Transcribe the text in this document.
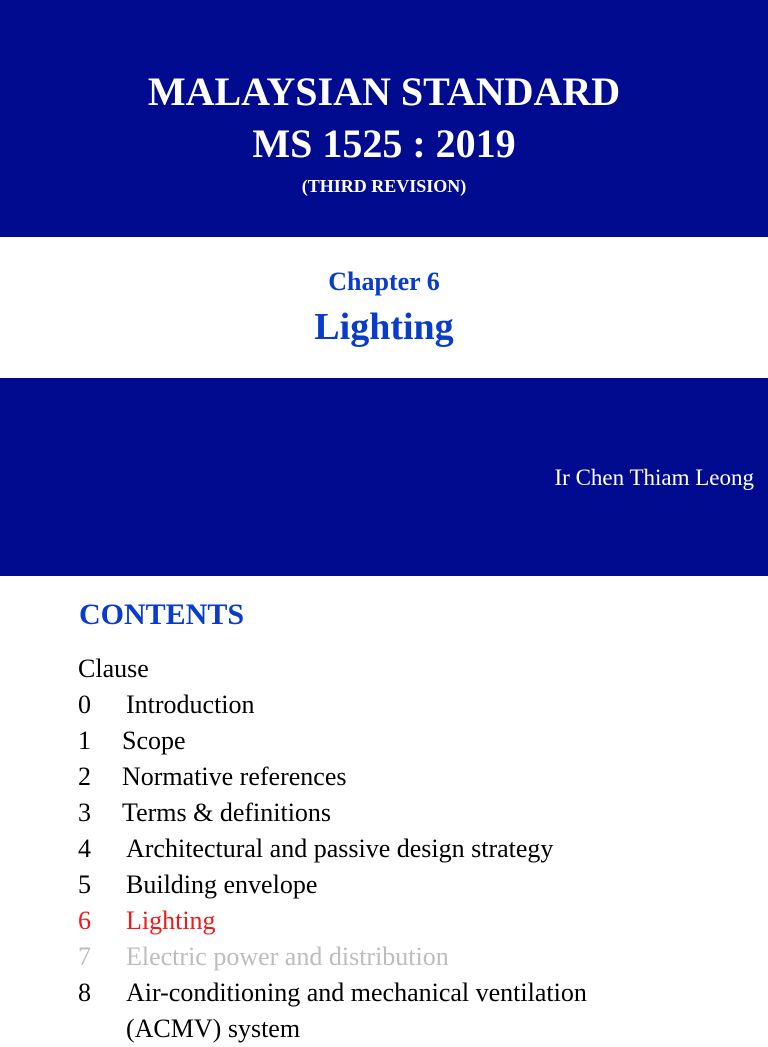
MALAYSIAN STANDARD
MS 1525 : 2019
(THIRD REVISION)
Chapter 6
Lighting
Ir Chen Thiam Leong
CONTENTS
Clause
0 Introduction
1 Scope
2 Normative references
3 Terms & definitions
4 Architectural and passive design strategy
5 Building envelope
6 Lighting
7 Electric power and distribution
8 Air-conditioning and mechanical ventilation (ACMV) system
